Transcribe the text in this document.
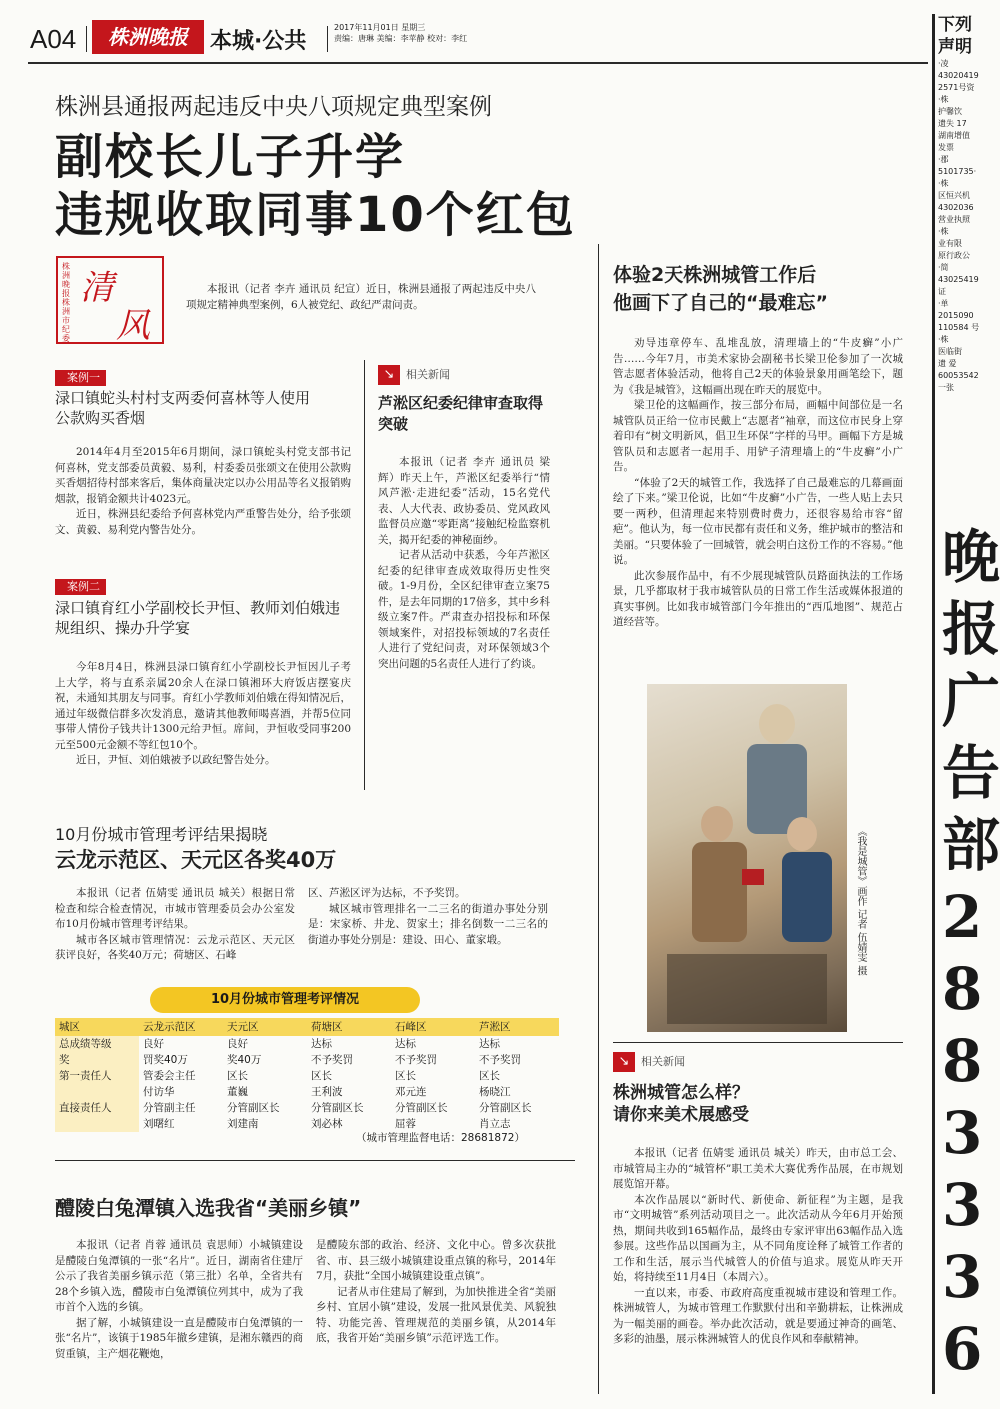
A04	株洲晚报	本城·公共
2017年11月01日 星期三
责编：唐琳 美编：李苹静 校对：李红
株洲县通报两起违反中央八项规定典型案例
副校长儿子升学
违规收取同事10个红包
株洲晚报株洲市纪委
清
风

本报讯（记者 李卉 通讯员 纪宣）近日，株洲县通报了两起违反中央八项规定精神典型案例，6人被党纪、政纪严肃问责。

案例一
渌口镇蛇头村村支两委何喜林等人使用公款购买香烟

2014年4月至2015年6月期间，渌口镇蛇头村党支部书记何喜林，党支部委员黄毅、易利，村委委员张颂文在使用公款购买香烟招待村部来客后，集体商量决定以办公用品等名义报销购烟款，报销金额共计4023元。

近日，株洲县纪委给予何喜林党内严重警告处分，给予张颂文、黄毅、易利党内警告处分。

案例二
渌口镇育红小学副校长尹恒、教师刘伯娥违规组织、操办升学宴

今年8月4日，株洲县渌口镇育红小学副校长尹恒因儿子考上大学，将与直系亲属20余人在渌口镇湘环大府饭店摆宴庆祝，未通知其朋友与同事。育红小学教师刘伯娥在得知情况后，通过年级微信群多次发消息，邀请其他教师喝喜酒，并帮5位同事带人情份子钱共计1300元给尹恒。席间，尹恒收受同事200元至500元金额不等红包10个。

近日，尹恒、刘伯娥被予以政纪警告处分。

↘ 相关新闻
芦淞区纪委纪律审查取得突破

本报讯（记者 李卉 通讯员 梁辉）昨天上午，芦淞区纪委举行“情风芦淞·走进纪委”活动，15名党代表、人大代表、政协委员、党风政风监督员应邀“零距离”接触纪检监察机关，揭开纪委的神秘面纱。

记者从活动中获悉，今年芦淞区纪委的纪律审查成效取得历史性突破。1-9月份，全区纪律审查立案75件，是去年同期的17倍多，其中乡科级立案7件。严肃查办招投标和环保领域案件，对招投标领域的7名责任人进行了党纪问责，对环保领域3个突出问题的5名责任人进行了约谈。

10月份城市管理考评结果揭晓
云龙示范区、天元区各奖40万

本报讯（记者 伍婧雯 通讯员 城关）根据日常检查和综合检查情况，市城市管理委员会办公室发布10月份城市管理考评结果。

城市各区城市管理情况：云龙示范区、天元区获评良好，各奖40万元；荷塘区、石峰

区、芦淞区评为达标，不予奖罚。

城区城市管理排名一二三名的街道办事处分别是：宋家桥、井龙、贺家土；排名倒数一二三名的街道办事处分别是：建设、田心、董家塅。

10月份城市管理考评情况
城区	云龙示范区	天元区	荷塘区	石峰区	芦淞区
总成绩等级	良好	良好	达标	达标	达标
奖	罚奖40万	奖40万	不予奖罚	不予奖罚	不予奖罚
第一责任人	管委会主任	区长	区长	区长	区长
	付访华	董巍	王利波	邓元连	杨晓江
直接责任人	分管副主任	分管副区长	分管副区长	分管副区长	分管副区长
	刘曙红	刘建南	刘必林	屈蓉	肖立志
（城市管理监督电话：28681872）
醴陵白兔潭镇入选我省“美丽乡镇”

本报讯（记者 肖蓉 通讯员 袁思师）小城镇建设是醴陵白兔潭镇的一张“名片”。近日，湖南省住建厅公示了我省美丽乡镇示范（第三批）名单，全省共有28个乡镇入选，醴陵市白兔潭镇位列其中，成为了我市首个入选的乡镇。

据了解，小城镇建设一直是醴陵市白兔潭镇的一张“名片”，该镇于1985年撤乡建镇，是湘东赣西的商贸重镇，主产烟花鞭炮，

是醴陵东部的政治、经济、文化中心。曾多次获批省、市、县三级小城镇建设重点镇的称号，2014年7月，获批“全国小城镇建设重点镇”。

记者从市住建局了解到，为加快推进全省“美丽乡村、宜居小镇”建设，发展一批风景优美、风貌独特、功能完善、管理规范的美丽乡镇，从2014年底，我省开始“美丽乡镇”示范评选工作。

体验2天株洲城管工作后
他画下了自己的“最难忘”

劝导违章停车、乱堆乱放，清理墙上的“牛皮癣”小广告……今年7月，市美术家协会副秘书长梁卫伦参加了一次城管志愿者体验活动，他将自己2天的体验景象用画笔绘下，题为《我是城管》，这幅画出现在昨天的展览中。

梁卫伦的这幅画作，按三部分布局，画幅中间部位是一名城管队员正给一位市民戴上“志愿者”袖章，而这位市民身上穿着印有“树文明新风，倡卫生环保”字样的马甲。画幅下方是城管队员和志愿者一起用手、用铲子清理墙上的“牛皮癣”小广告。

“体验了2天的城管工作，我选择了自己最难忘的几幕画面绘了下来。”梁卫伦说，比如“牛皮癣”小广告，一些人贴上去只要一两秒，但清理起来特别费时费力，还很容易给市容“留疤”。他认为，每一位市民都有责任和义务，维护城市的整洁和美丽。“只要体验了一回城管，就会明白这份工作的不容易。”他说。

此次参展作品中，有不少展现城管队员路面执法的工作场景，几乎都取材于我市城管队员的日常工作生活或媒体报道的真实事例。比如我市城管部门今年推出的“西瓜地图”、规范占道经营等。

《我是城管》画作 记者 伍婧雯 摄
↘ 相关新闻
株洲城管怎么样？
请你来美术展感受

本报讯（记者 伍婧雯 通讯员 城关）昨天，由市总工会、市城管局主办的“城管杯”职工美术大赛优秀作品展，在市规划展览馆开幕。

本次作品展以“新时代、新使命、新征程”为主题，是我市“文明城管”系列活动项目之一。此次活动从今年6月开始预热，期间共收到165幅作品，最终由专家评审出63幅作品入选参展。这些作品以国画为主，从不同角度诠释了城管工作者的工作和生活，展示当代城管人的价值与追求。展览从昨天开始，将持续至11月4日（本周六）。

一直以来，市委、市政府高度重视城市建设和管理工作。株洲城管人，为城市管理工作默默付出和辛勤耕耘，让株洲成为一幅美丽的画卷。举办此次活动，就是要通过神奇的画笔、多彩的油墨，展示株洲城管人的优良作风和奉献精神。

下列
声明
·凌
43020419
2571号资
·株
护馨饮
遗失 17
湖南增值
发票
·郡
5101735·
·株
区恒兴机
4302036
营业执照
·株
业有限
原行政公
·简
43025419
证
·单
2015090
110584 号
·株
医临街
遗 爱
60053542
一张
晚
报
广
告
部
2
8
8
3
3
3
6
